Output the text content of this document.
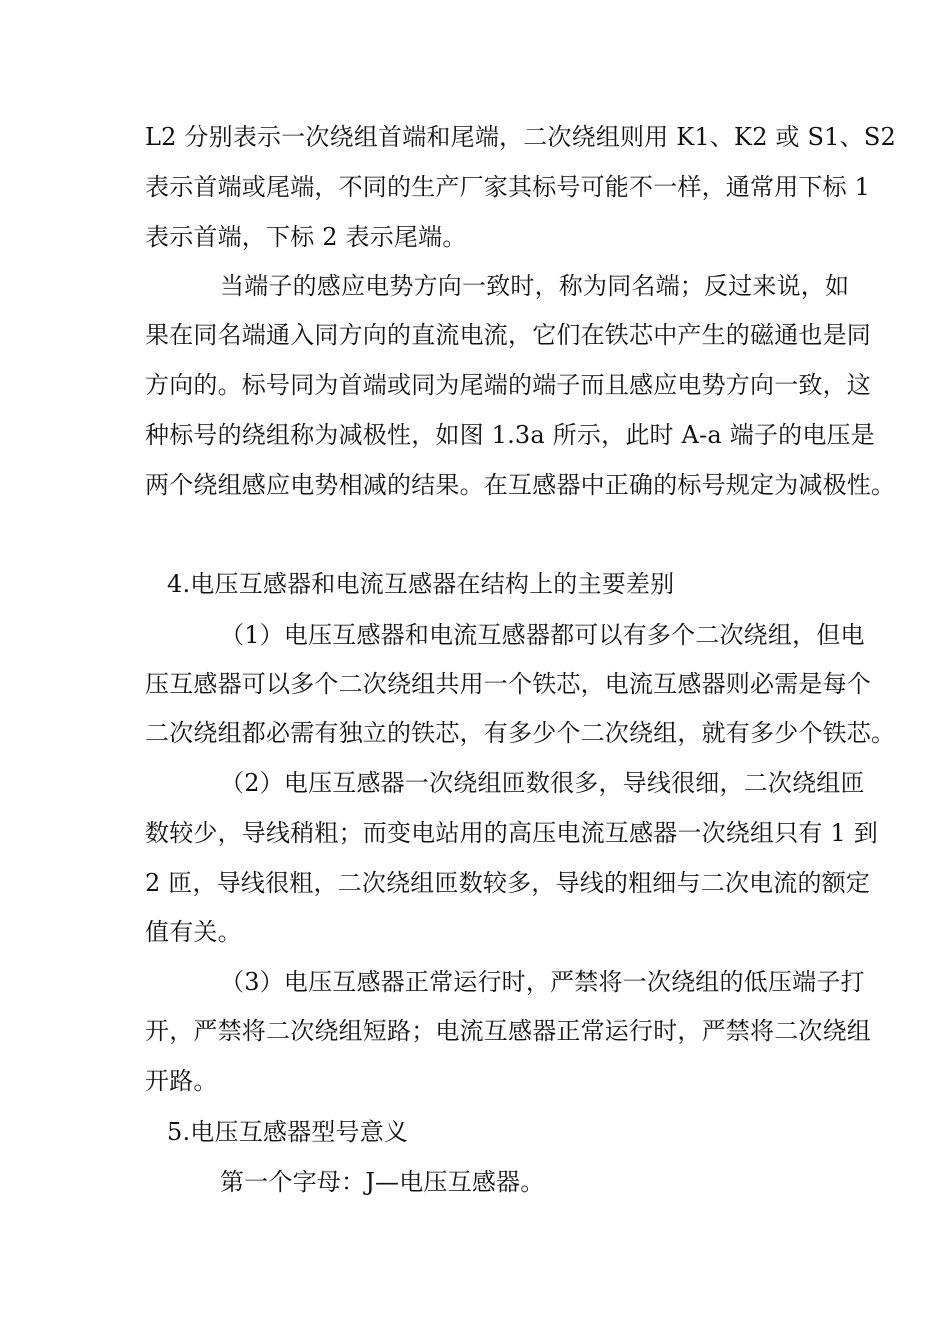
L2 分别表示一次绕组首端和尾端，二次绕组则用 K1、K2 或 S1、S2
表示首端或尾端，不同的生产厂家其标号可能不一样，通常用下标 1
表示首端，下标 2 表示尾端。
当端子的感应电势方向一致时，称为同名端；反过来说，如
果在同名端通入同方向的直流电流，它们在铁芯中产生的磁通也是同
方向的。标号同为首端或同为尾端的端子而且感应电势方向一致，这
种标号的绕组称为减极性，如图 1.3a 所示，此时 A-a 端子的电压是
两个绕组感应电势相减的结果。在互感器中正确的标号规定为减极性。
4.电压互感器和电流互感器在结构上的主要差别
（1）电压互感器和电流互感器都可以有多个二次绕组，但电
压互感器可以多个二次绕组共用一个铁芯，电流互感器则必需是每个
二次绕组都必需有独立的铁芯，有多少个二次绕组，就有多少个铁芯。
（2）电压互感器一次绕组匝数很多，导线很细，二次绕组匝
数较少，导线稍粗；而变电站用的高压电流互感器一次绕组只有 1 到
2 匝，导线很粗，二次绕组匝数较多，导线的粗细与二次电流的额定
值有关。
（3）电压互感器正常运行时，严禁将一次绕组的低压端子打
开，严禁将二次绕组短路；电流互感器正常运行时，严禁将二次绕组
开路。
5.电压互感器型号意义
第一个字母：J—电压互感器。
